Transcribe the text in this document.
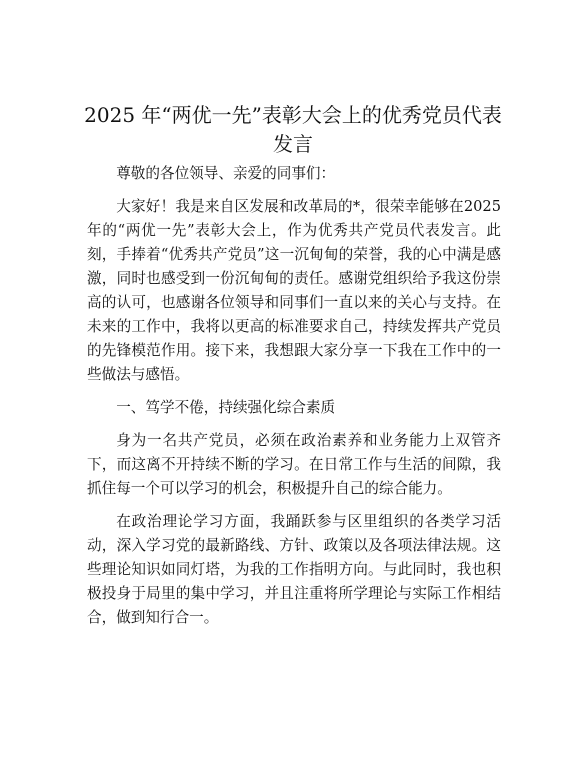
2025 年“两优一先”表彰大会上的优秀党员代表发言

尊敬的各位领导、亲爱的同事们：

大家好！我是来自区发展和改革局的*，很荣幸能够在2025 年的“两优一先”表彰大会上，作为优秀共产党员代表发言。此刻，手捧着“优秀共产党员”这一沉甸甸的荣誉，我的心中满是感激，同时也感受到一份沉甸甸的责任。感谢党组织给予我这份崇高的认可，也感谢各位领导和同事们一直以来的关心与支持。在未来的工作中，我将以更高的标准要求自己，持续发挥共产党员的先锋模范作用。接下来，我想跟大家分享一下我在工作中的一些做法与感悟。

一、笃学不倦，持续强化综合素质

身为一名共产党员，必须在政治素养和业务能力上双管齐下，而这离不开持续不断的学习。在日常工作与生活的间隙，我抓住每一个可以学习的机会，积极提升自己的综合能力。

在政治理论学习方面，我踊跃参与区里组织的各类学习活动，深入学习党的最新路线、方针、政策以及各项法律法规。这些理论知识如同灯塔，为我的工作指明方向。与此同时，我也积极投身于局里的集中学习，并且注重将所学理论与实际工作相结合，做到知行合一。
